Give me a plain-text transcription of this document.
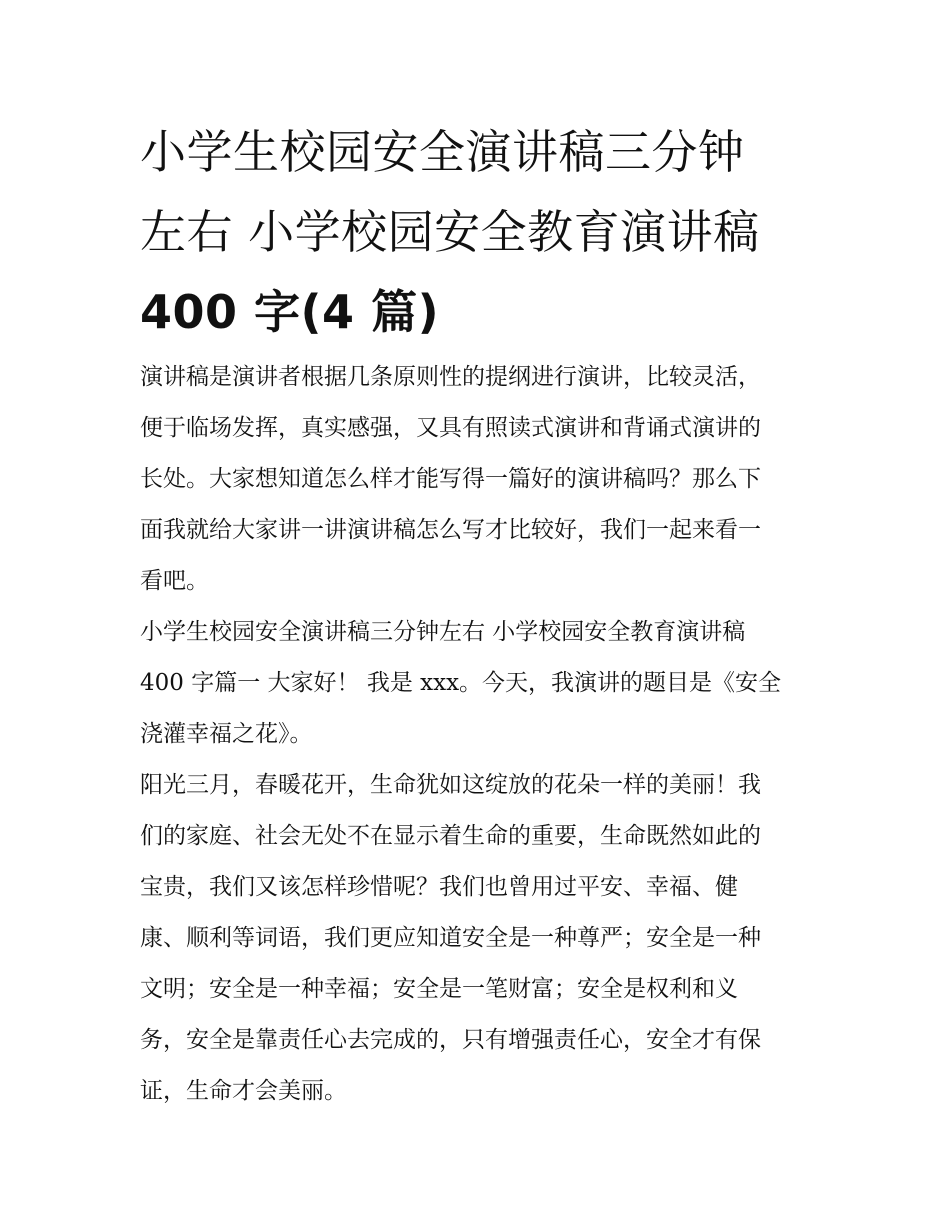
小学生校园安全演讲稿三分钟
左右 小学校园安全教育演讲稿
400 字(4 篇)

演讲稿是演讲者根据几条原则性的提纲进行演讲，比较灵活，
便于临场发挥，真实感强，又具有照读式演讲和背诵式演讲的
长处。大家想知道怎么样才能写得一篇好的演讲稿吗？那么下
面我就给大家讲一讲演讲稿怎么写才比较好，我们一起来看一
看吧。

小学生校园安全演讲稿三分钟左右 小学校园安全教育演讲稿
400 字篇一 大家好！ 我是 xxx。今天，我演讲的题目是《安全
浇灌幸福之花》。

阳光三月，春暖花开，生命犹如这绽放的花朵一样的美丽！我
们的家庭、社会无处不在显示着生命的重要，生命既然如此的
宝贵，我们又该怎样珍惜呢？我们也曾用过平安、幸福、健
康、顺利等词语，我们更应知道安全是一种尊严；安全是一种
文明；安全是一种幸福；安全是一笔财富；安全是权利和义
务，安全是靠责任心去完成的，只有增强责任心，安全才有保
证，生命才会美丽。
